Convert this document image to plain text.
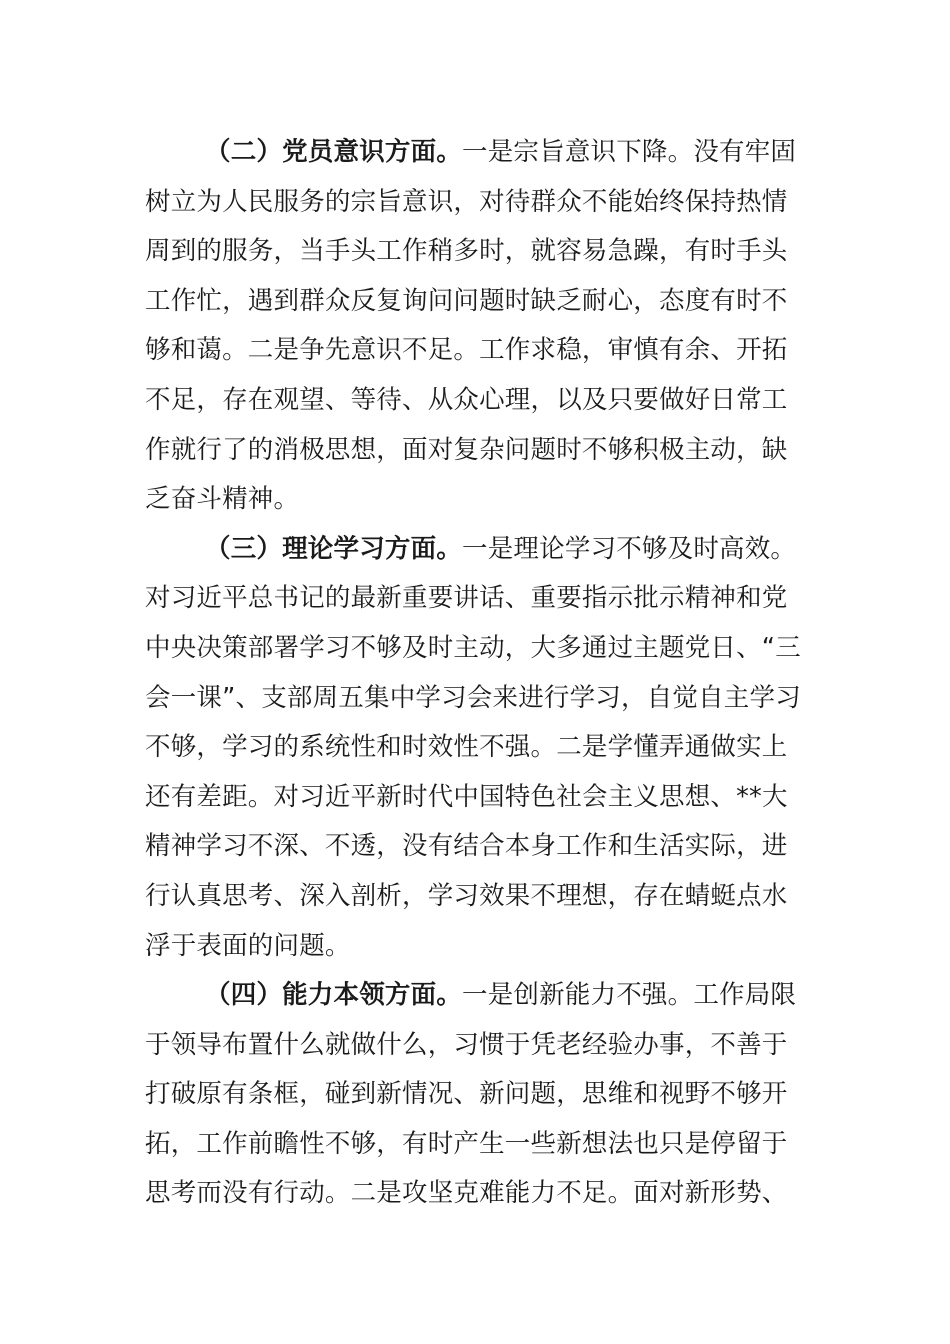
（二）党员意识方面。一是宗旨意识下降。没有牢固
树立为人民服务的宗旨意识，对待群众不能始终保持热情
周到的服务，当手头工作稍多时，就容易急躁，有时手头
工作忙，遇到群众反复询问问题时缺乏耐心，态度有时不
够和蔼。二是争先意识不足。工作求稳，审慎有余、开拓
不足，存在观望、等待、从众心理，以及只要做好日常工
作就行了的消极思想，面对复杂问题时不够积极主动，缺
乏奋斗精神。
（三）理论学习方面。一是理论学习不够及时高效。
对习近平总书记的最新重要讲话、重要指示批示精神和党
中央决策部署学习不够及时主动，大多通过主题党日、“三
会一课”、支部周五集中学习会来进行学习，自觉自主学习
不够，学习的系统性和时效性不强。二是学懂弄通做实上
还有差距。对习近平新时代中国特色社会主义思想、**大
精神学习不深、不透，没有结合本身工作和生活实际，进
行认真思考、深入剖析，学习效果不理想，存在蜻蜓点水
浮于表面的问题。
（四）能力本领方面。一是创新能力不强。工作局限
于领导布置什么就做什么，习惯于凭老经验办事，不善于
打破原有条框，碰到新情况、新问题，思维和视野不够开
拓，工作前瞻性不够，有时产生一些新想法也只是停留于
思考而没有行动。二是攻坚克难能力不足。面对新形势、
